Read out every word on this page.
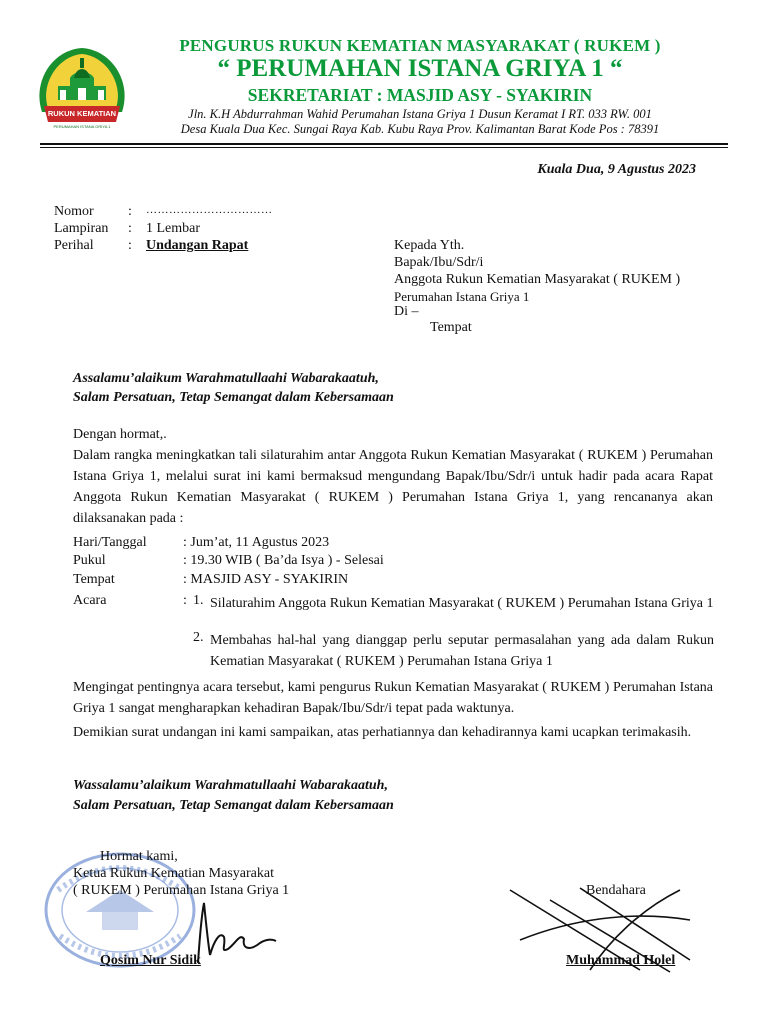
RUKUN KEMATIAN
PERUMAHAN ISTANA GRIYA 1
PENGURUS RUKUN KEMATIAN MASYARAKAT ( RUKEM )
“ PERUMAHAN ISTANA GRIYA 1 “
SEKRETARIAT : MASJID ASY - SYAKIRIN
Jln. K.H Abdurrahman Wahid Perumahan Istana Griya 1 Dusun Keramat I RT. 033 RW. 001
Desa Kuala Dua Kec. Sungai Raya Kab. Kubu Raya Prov. Kalimantan Barat Kode Pos : 78391
Kuala Dua, 9 Agustus 2023
Nomor	: ……………………………
Lampiran	: 1 Lembar
Perihal	: Undangan Rapat	Kepada Yth.
Bapak/Ibu/Sdr/i
Anggota Rukun Kematian Masyarakat ( RUKEM )
Perumahan Istana Griya 1
Di –
Tempat
Assalamu’alaikum Warahmatullaahi Wabarakaatuh,
Salam Persatuan, Tetap Semangat dalam Kebersamaan
Dengan hormat,.
Dalam rangka meningkatkan tali silaturahim antar Anggota Rukun Kematian Masyarakat ( RUKEM ) Perumahan Istana Griya 1, melalui surat ini kami bermaksud mengundang Bapak/Ibu/Sdr/i untuk hadir pada acara Rapat Anggota Rukun Kematian Masyarakat ( RUKEM ) Perumahan Istana Griya 1, yang rencananya akan dilaksanakan pada :
Hari/Tanggal	: Jum’at, 11 Agustus 2023
Pukul	: 19.30 WIB ( Ba’da Isya ) - Selesai
Tempat	: MASJID ASY - SYAKIRIN
Acara	: 1. Silaturahim Anggota Rukun Kematian Masyarakat ( RUKEM ) Perumahan Istana Griya 1
2. Membahas hal-hal yang dianggap perlu seputar permasalahan yang ada dalam Rukun Kematian Masyarakat ( RUKEM ) Perumahan Istana Griya 1
Mengingat pentingnya acara tersebut, kami pengurus Rukun Kematian Masyarakat ( RUKEM ) Perumahan Istana Griya 1 sangat mengharapkan kehadiran Bapak/Ibu/Sdr/i tepat pada waktunya.
Demikian surat undangan ini kami sampaikan, atas perhatiannya dan kehadirannya kami ucapkan terimakasih.
Wassalamu’alaikum Warahmatullaahi Wabarakaatuh,
Salam Persatuan, Tetap Semangat dalam Kebersamaan
Hormat kami,
Ketua Rukun Kematian Masyarakat
( RUKEM ) Perumahan Istana Griya 1
Qosim Nur Sidik
Bendahara
Muhammad Holel
